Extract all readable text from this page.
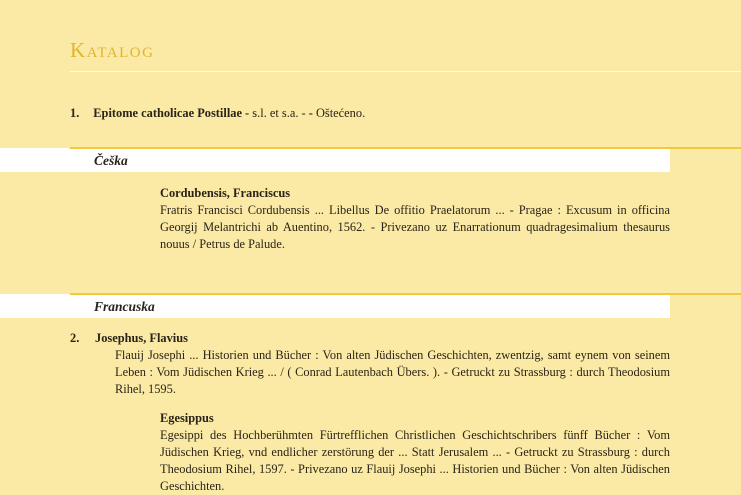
Katalog
1. Epitome catholicae Postillae - s.l. et s.a. - - Oštećeno.
Češka
Cordubensis, Franciscus
Fratris Francisci Cordubensis ... Libellus De offitio Praelatorum ... - Pragae : Excusum in officina Georgij Melantrichi ab Auentino, 1562. - Privezano uz Enarrationum quadragesimalium thesaurus nouus / Petrus de Palude.
Francuska
2. Josephus, Flavius
Flauij Josephi ... Historien und Bücher : Von alten Jüdischen Geschichten, zwentzig, samt eynem von seinem Leben : Vom Jüdischen Krieg ... / ( Conrad Lautenbach Übers. ). - Getruckt zu Strassburg : durch Theodosium Rihel, 1595.
Egesippus
Egesippi des Hochberühmten Fürtrefflichen Christlichen Geschichtschribers fünff Bücher : Vom Jüdischen Krieg, vnd endlicher zerstörung der ... Statt Jerusalem ... - Getruckt zu Strassburg : durch Theodosium Rihel, 1597. - Privezano uz Flauij Josephi ... Historien und Bücher : Von alten Jüdischen Geschichten.
